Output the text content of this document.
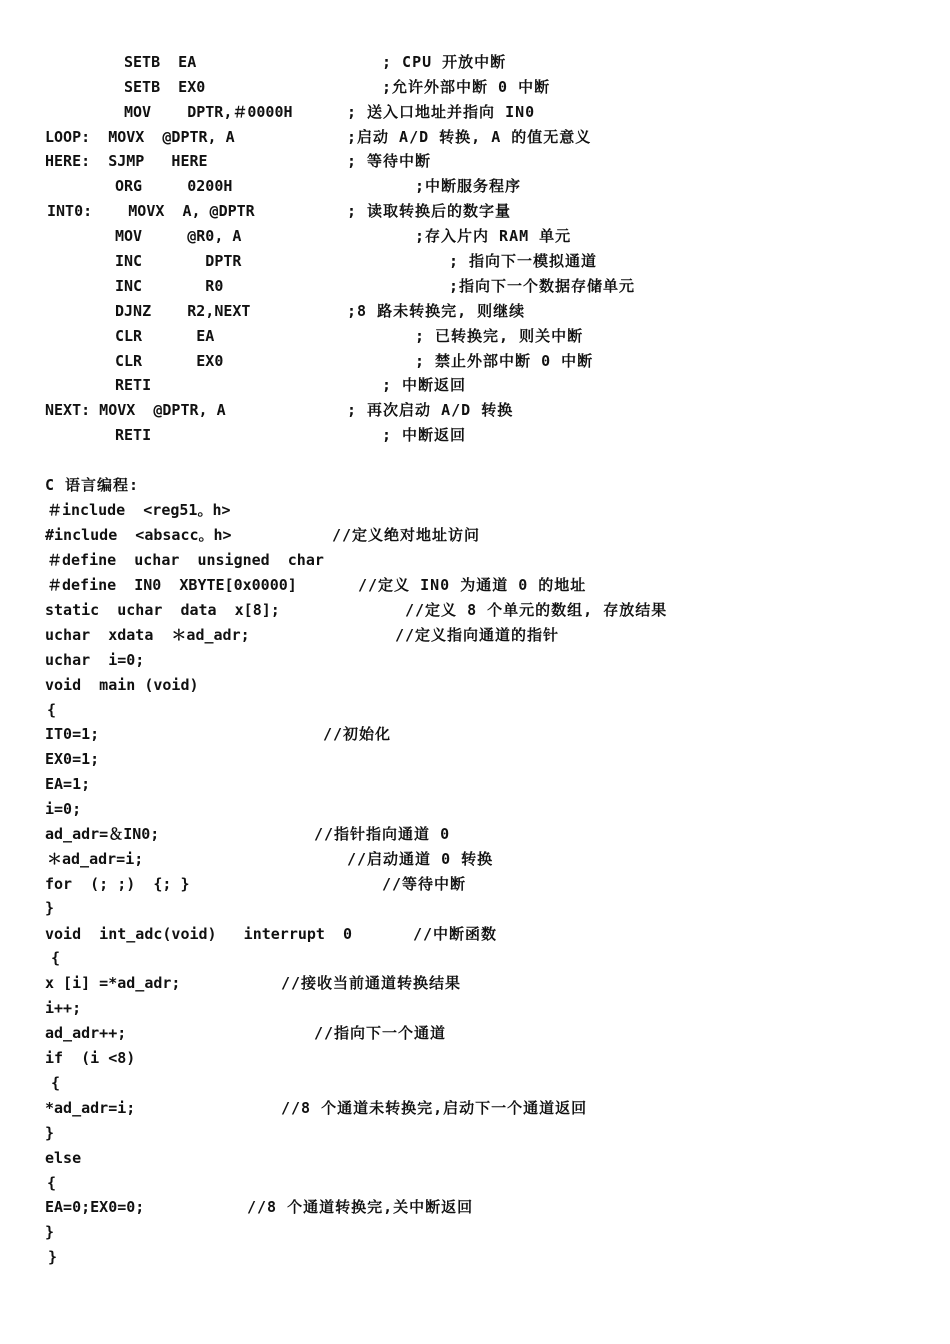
SETB  EA	; CPU 开放中断
SETB  EX0	;允许外部中断 0 中断
MOV    DPTR,＃0000H	; 送入口地址并指向 IN0
LOOP:  MOVX  @DPTR, A	;启动 A/D 转换, A 的值无意义
HERE:  SJMP   HERE	; 等待中断
ORG     0200H	;中断服务程序
INT0:    MOVX  A, @DPTR	; 读取转换后的数字量
MOV     @R0, A	;存入片内 RAM 单元
INC       DPTR	; 指向下一模拟通道
INC       R0	;指向下一个数据存储单元
DJNZ    R2,NEXT	;8 路未转换完, 则继续
CLR      EA	; 已转换完, 则关中断
CLR      EX0	; 禁止外部中断 0 中断
RETI	; 中断返回
NEXT: MOVX  @DPTR, A	; 再次启动 A/D 转换
RETI	; 中断返回
C 语言编程:
＃include  <reg51。h>
#include  <absacc。h>	//定义绝对地址访问
＃define  uchar  unsigned  char
＃define  IN0  XBYTE[0x0000]	//定义 IN0 为通道 0 的地址
static  uchar  data  x[8];	//定义 8 个单元的数组, 存放结果
uchar  xdata  ＊ad_adr;	//定义指向通道的指针
uchar  i=0;
void  main (void)
{
IT0=1;	//初始化
EX0=1;
EA=1;
i=0;
ad_adr=＆IN0;	//指针指向通道 0
＊ad_adr=i;	//启动通道 0 转换
for  (; ;)  {; }	//等待中断
}
void  int_adc(void)   interrupt  0	//中断函数
{
x [i] =*ad_adr;	//接收当前通道转换结果
i++;
ad_adr++;	//指向下一个通道
if  (i <8)
{
*ad_adr=i;	//8 个通道未转换完,启动下一个通道返回
}
else
{
EA=0;EX0=0;	//8 个通道转换完,关中断返回
}
}
